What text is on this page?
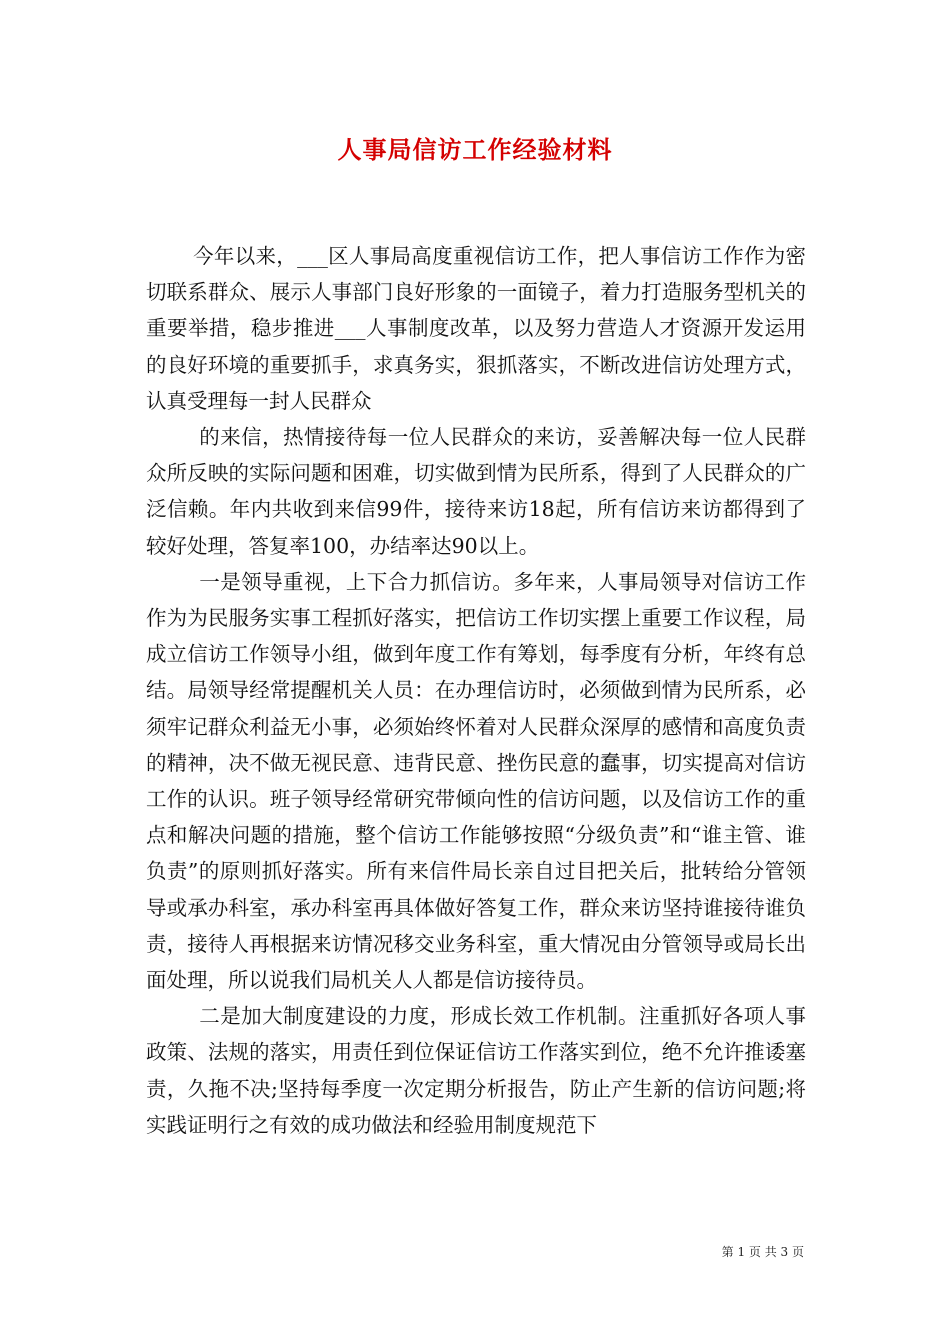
人事局信访工作经验材料

今年以来，___区人事局高度重视信访工作，把人事信访工作作为密切联系群众、展示人事部门良好形象的一面镜子，着力打造服务型机关的重要举措，稳步推进___人事制度改革，以及努力营造人才资源开发运用的良好环境的重要抓手，求真务实，狠抓落实，不断改进信访处理方式，认真受理每一封人民群众

的来信，热情接待每一位人民群众的来访，妥善解决每一位人民群众所反映的实际问题和困难，切实做到情为民所系，得到了人民群众的广泛信赖。年内共收到来信99件，接待来访18起，所有信访来访都得到了较好处理，答复率100，办结率达90以上。

一是领导重视，上下合力抓信访。多年来，人事局领导对信访工作作为为民服务实事工程抓好落实，把信访工作切实摆上重要工作议程，局成立信访工作领导小组，做到年度工作有筹划，每季度有分析，年终有总结。局领导经常提醒机关人员：在办理信访时，必须做到情为民所系，必须牢记群众利益无小事，必须始终怀着对人民群众深厚的感情和高度负责的精神，决不做无视民意、违背民意、挫伤民意的蠢事，切实提高对信访工作的认识。班子领导经常研究带倾向性的信访问题，以及信访工作的重点和解决问题的措施，整个信访工作能够按照“分级负责”和“谁主管、谁负责”的原则抓好落实。所有来信件局长亲自过目把关后，批转给分管领导或承办科室，承办科室再具体做好答复工作，群众来访坚持谁接待谁负责，接待人再根据来访情况移交业务科室，重大情况由分管领导或局长出面处理，所以说我们局机关人人都是信访接待员。

二是加大制度建设的力度，形成长效工作机制。注重抓好各项人事政策、法规的落实，用责任到位保证信访工作落实到位，绝不允许推诿塞责，久拖不决;坚持每季度一次定期分析报告，防止产生新的信访问题;将实践证明行之有效的成功做法和经验用制度规范下

第 1 页 共 3 页
